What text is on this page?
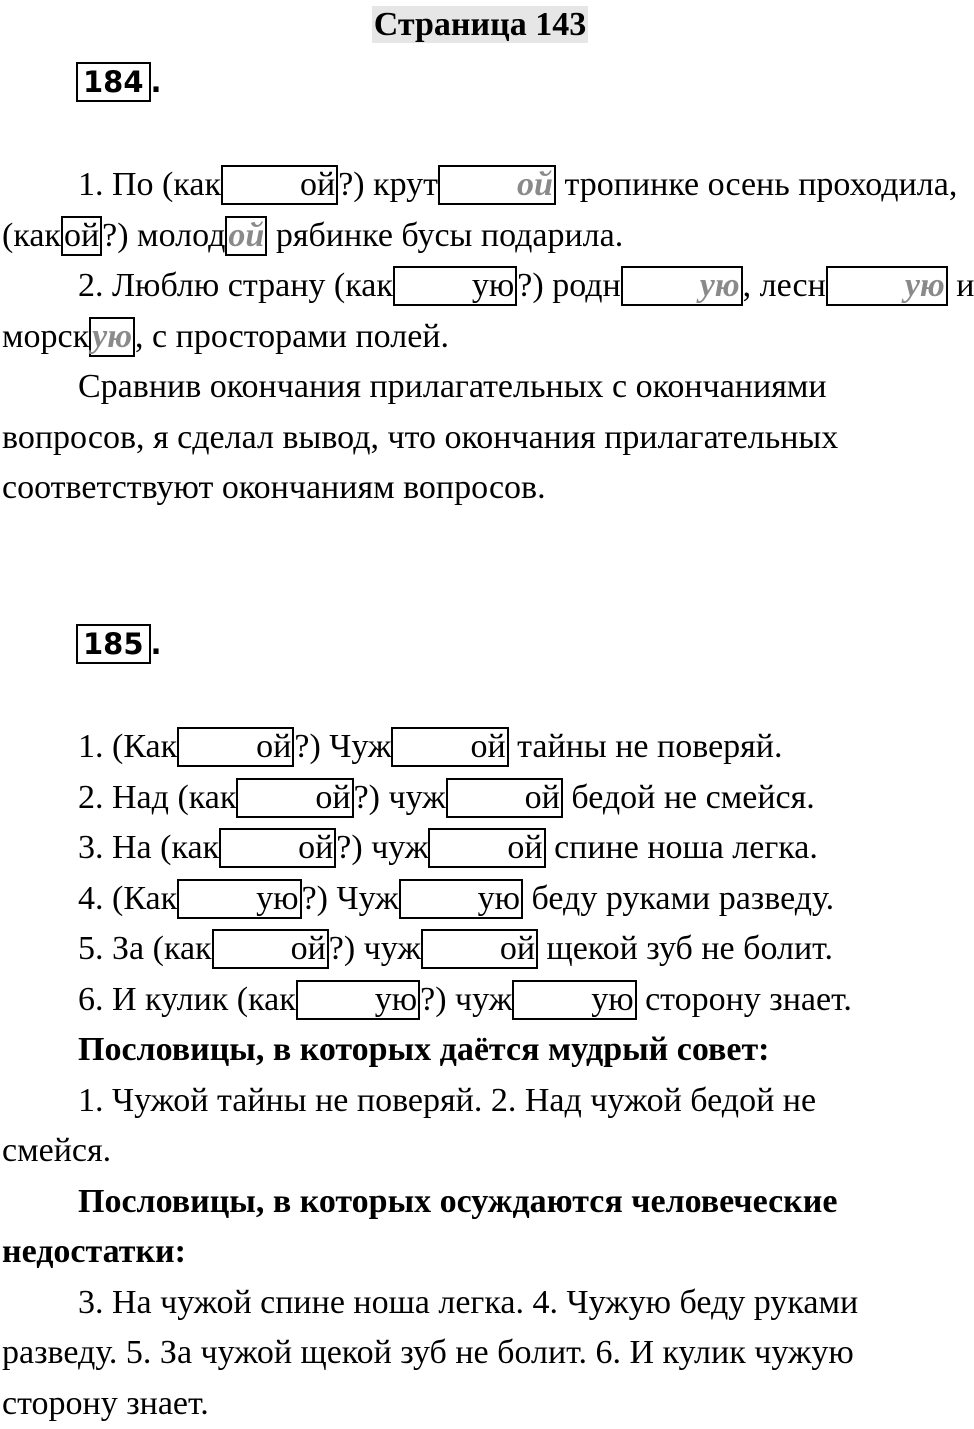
Страница 143
184 .

1. По (как ой?) крут ой тропинке осень проходила,

(какой?) молодой рябинке бусы подарила.

2. Люблю страну (как ую?) родн ую, лесн ую и

морскую, с просторами полей.

Сравнив окончания прилагательных с окончаниями

вопросов, я сделал вывод, что окончания прилагательных

соответствуют окончаниям вопросов.

185 .

1. (Как ой?) Чуж ой тайны не поверяй.

2. Над (как ой?) чуж ой бедой не смейся.

3. На (как ой?) чуж ой спине ноша легка.

4. (Как ую?) Чуж ую беду руками разведу.

5. За (как ой?) чуж ой щекой зуб не болит.

6. И кулик (как ую?) чуж ую сторону знает.

Пословицы, в которых даётся мудрый совет:

1. Чужой тайны не поверяй. 2. Над чужой бедой не

смейся.

Пословицы, в которых осуждаются человеческие

недостатки:

3. На чужой спине ноша легка. 4. Чужую беду руками

разведу. 5. За чужой щекой зуб не болит. 6. И кулик чужую

сторону знает.
